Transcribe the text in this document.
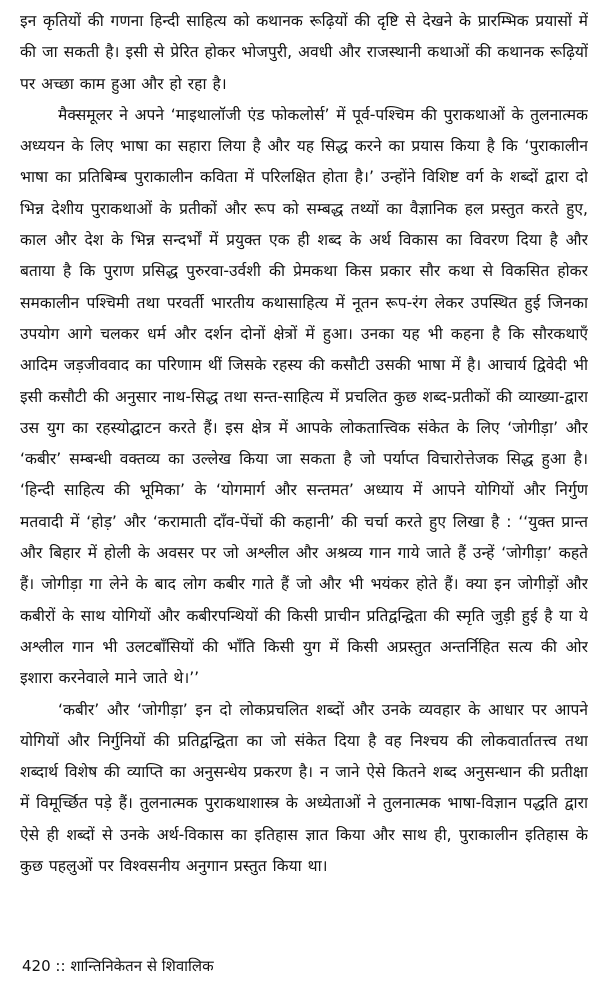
इन कृतियों की गणना हिन्दी साहित्य को कथानक रूढ़ियों की दृष्टि से देखने के प्रारम्भिक प्रयासों में की जा सकती है। इसी से प्रेरित होकर भोजपुरी, अवधी और राजस्थानी कथाओं की कथानक रूढ़ियों पर अच्छा काम हुआ और हो रहा है।

मैक्समूलर ने अपने ‘माइथालॉजी एंड फोकलोर्स’ में पूर्व-पश्चिम की पुराकथाओं के तुलनात्मक अध्ययन के लिए भाषा का सहारा लिया है और यह सिद्ध करने का प्रयास किया है कि ‘पुराकालीन भाषा का प्रतिबिम्ब पुराकालीन कविता में परिलक्षित होता है।’ उन्होंने विशिष्ट वर्ग के शब्दों द्वारा दो भिन्न देशीय पुराकथाओं के प्रतीकों और रूप को सम्बद्ध तथ्यों का वैज्ञानिक हल प्रस्तुत करते हुए, काल और देश के भिन्न सन्दर्भों में प्रयुक्त एक ही शब्द के अर्थ विकास का विवरण दिया है और बताया है कि पुराण प्रसिद्ध पुरुरवा-उर्वशी की प्रेमकथा किस प्रकार सौर कथा से विकसित होकर समकालीन पश्चिमी तथा परवर्ती भारतीय कथासाहित्य में नूतन रूप-रंग लेकर उपस्थित हुई जिनका उपयोग आगे चलकर धर्म और दर्शन दोनों क्षेत्रों में हुआ। उनका यह भी कहना है कि सौरकथाएँ आदिम जड़जीववाद का परिणाम थीं जिसके रहस्य की कसौटी उसकी भाषा में है। आचार्य द्विवेदी भी इसी कसौटी की अनुसार नाथ-सिद्ध तथा सन्त-साहित्य में प्रचलित कुछ शब्द-प्रतीकों की व्याख्या-द्वारा उस युग का रहस्योद्घाटन करते हैं। इस क्षेत्र में आपके लोकतात्त्विक संकेत के लिए ‘जोगीड़ा’ और ‘कबीर’ सम्बन्धी वक्तव्य का उल्लेख किया जा सकता है जो पर्याप्त विचारोत्तेजक सिद्ध हुआ है। ‘हिन्दी साहित्य की भूमिका’ के ‘योगमार्ग और सन्तमत’ अध्याय में आपने योगियों और निर्गुण मतवादी में ‘होड़’ और ‘करामाती दाँव-पेंचों की कहानी’ की चर्चा करते हुए लिखा है : ‘‘युक्त प्रान्त और बिहार में होली के अवसर पर जो अश्लील और अश्रव्य गान गाये जाते हैं उन्हें ‘जोगीड़ा’ कहते हैं। जोगीड़ा गा लेने के बाद लोग कबीर गाते हैं जो और भी भयंकर होते हैं। क्या इन जोगीड़ों और कबीरों के साथ योगियों और कबीरपन्थियों की किसी प्राचीन प्रतिद्वन्द्विता की स्मृति जुड़ी हुई है या ये अश्लील गान भी उलटबाँसियों की भाँति किसी युग में किसी अप्रस्तुत अन्तर्निहित सत्य की ओर इशारा करनेवाले माने जाते थे।’’

‘कबीर’ और ‘जोगीड़ा’ इन दो लोकप्रचलित शब्दों और उनके व्यवहार के आधार पर आपने योगियों और निर्गुनियों की प्रतिद्वन्द्विता का जो संकेत दिया है वह निश्चय की लोकवार्तातत्त्व तथा शब्दार्थ विशेष की व्याप्ति का अनुसन्धेय प्रकरण है। न जाने ऐसे कितने शब्द अनुसन्धान की प्रतीक्षा में विमूर्च्छित पड़े हैं। तुलनात्मक पुराकथाशास्त्र के अध्येताओं ने तुलनात्मक भाषा-विज्ञान पद्धति द्वारा ऐसे ही शब्दों से उनके अर्थ-विकास का इतिहास ज्ञात किया और साथ ही, पुराकालीन इतिहास के कुछ पहलुओं पर विश्वसनीय अनुगान प्रस्तुत किया था।

420 :: शान्तिनिकेतन से शिवालिक
